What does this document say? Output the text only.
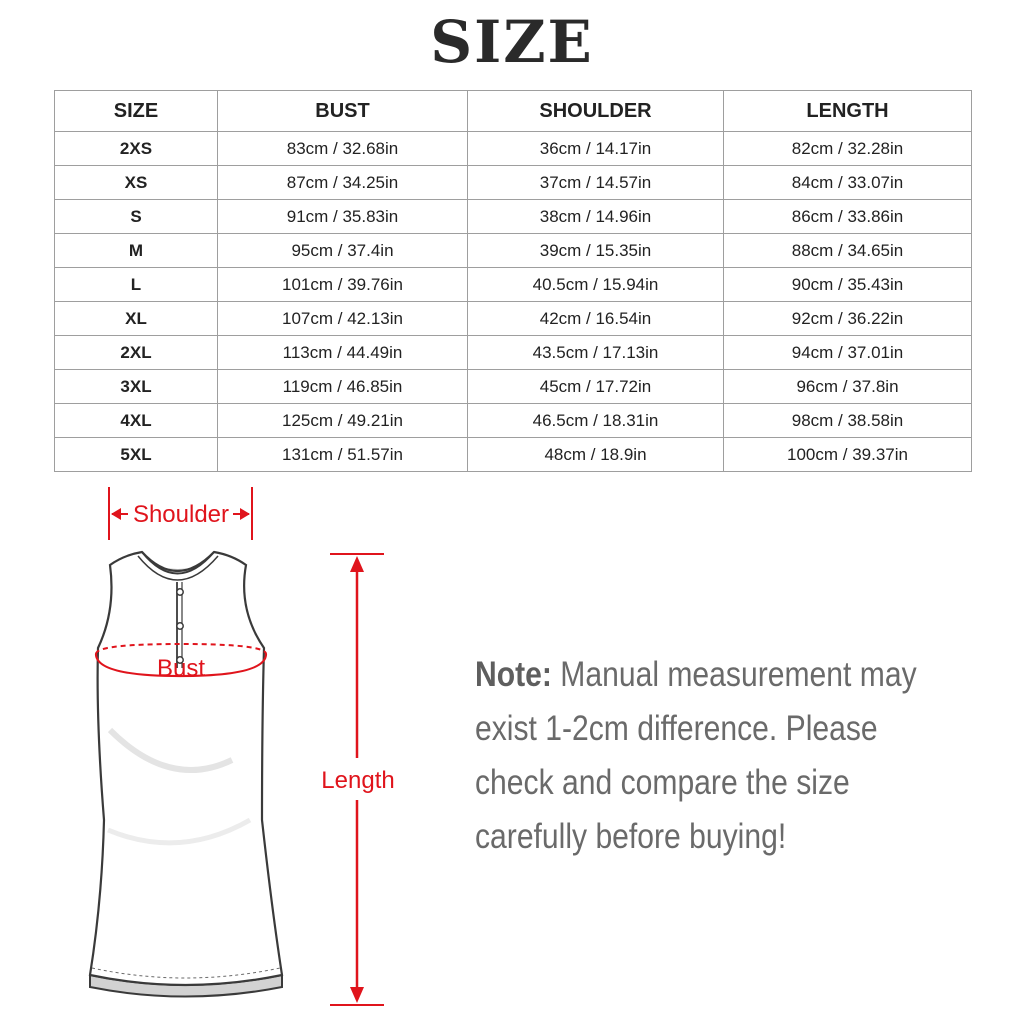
SIZE
SIZE	BUST	SHOULDER	LENGTH
2XS	83cm / 32.68in	36cm / 14.17in	82cm / 32.28in
XS	87cm / 34.25in	37cm / 14.57in	84cm / 33.07in
S	91cm / 35.83in	38cm / 14.96in	86cm / 33.86in
M	95cm / 37.4in	39cm / 15.35in	88cm / 34.65in
L	101cm / 39.76in	40.5cm / 15.94in	90cm / 35.43in
XL	107cm / 42.13in	42cm / 16.54in	92cm / 36.22in
2XL	113cm / 44.49in	43.5cm / 17.13in	94cm / 37.01in
3XL	119cm / 46.85in	45cm / 17.72in	96cm / 37.8in
4XL	125cm / 49.21in	46.5cm / 18.31in	98cm / 38.58in
5XL	131cm / 51.57in	48cm / 18.9in	100cm / 39.37in
Shoulder
Bust
Length
Note: Manual measurement may
exist 1-2cm difference. Please
check and compare the size
carefully before buying!
